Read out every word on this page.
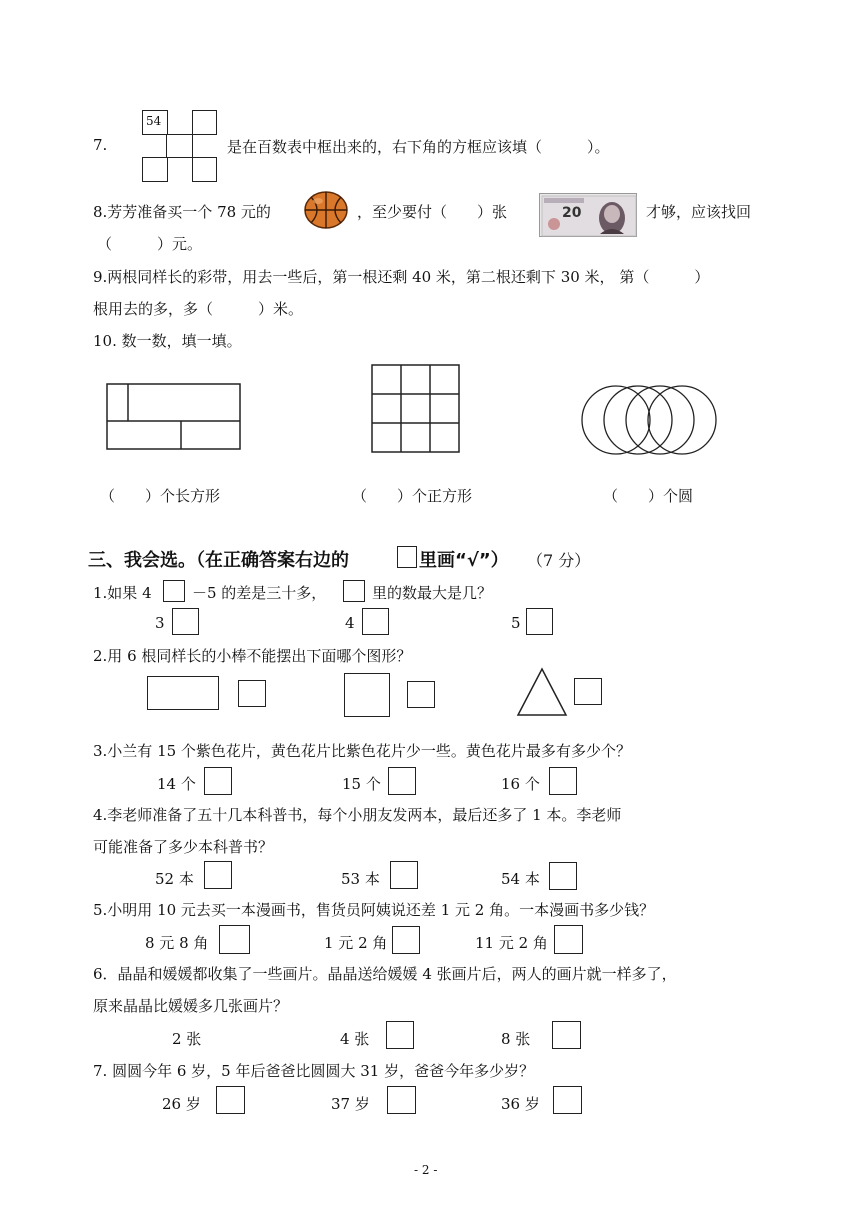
7.
54
是在百数表中框出来的，右下角的方框应该填（　　　）。
8.芳芳准备买一个 78 元的	，至少要付（　　）张	20	才够，应该找回
（　　　）元。
9.两根同样长的彩带，用去一些后，第一根还剩 40 米，第二根还剩下 30 米， 第（　　　）
根用去的多，多（　　　）米。
10. 数一数，填一填。
（　　）个长方形	（　　）个正方形	（　　）个圆
三、我会选。（在正确答案右边的	里画“√”） （7 分）
1.如果 4	－5 的差是三十多，	里的数最大是几？
3	4	5
2.用 6 根同样长的小棒不能摆出下面哪个图形？
3.小兰有 15 个紫色花片，黄色花片比紫色花片少一些。黄色花片最多有多少个？
14 个	15 个	16 个
4.李老师准备了五十几本科普书，每个小朋友发两本，最后还多了 1 本。李老师
可能准备了多少本科普书？
52 本	53 本	54 本
5.小明用 10 元去买一本漫画书，售货员阿姨说还差 1 元 2 角。一本漫画书多少钱？
8 元 8 角	1 元 2 角	11 元 2 角
6．晶晶和媛媛都收集了一些画片。晶晶送给媛媛 4 张画片后，两人的画片就一样多了，
原来晶晶比媛媛多几张画片？
2 张	4 张	8 张
7. 圆圆今年 6 岁，5 年后爸爸比圆圆大 31 岁，爸爸今年多少岁？
26 岁	37 岁	36 岁
- 2 -
